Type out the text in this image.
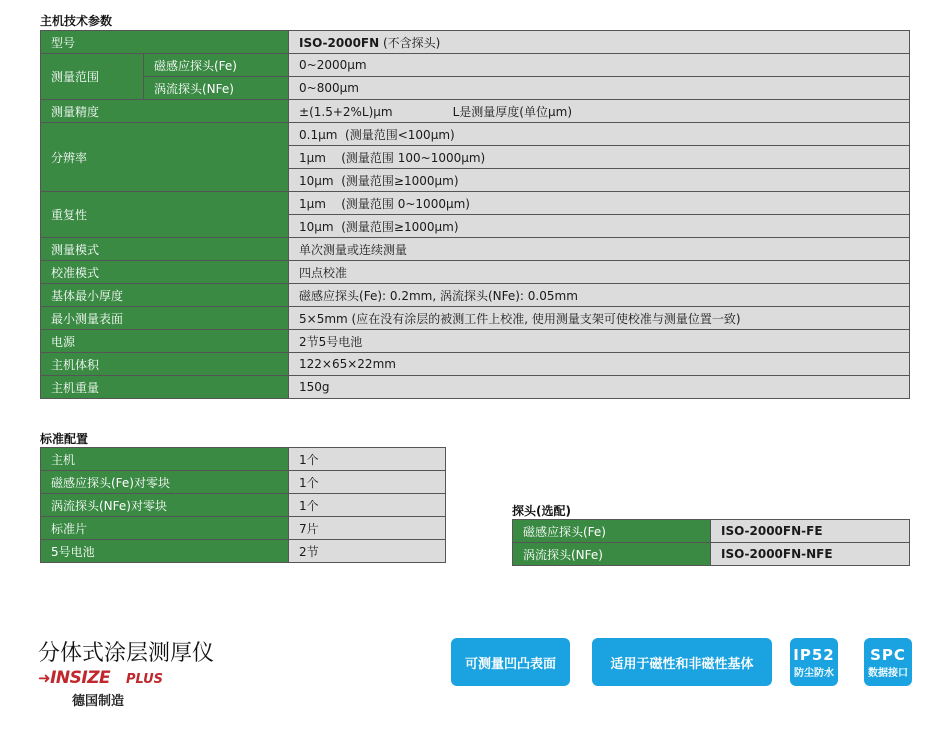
主机技术参数
型号		ISO-2000FN (不含探头)
测量范围	磁感应探头(Fe)	0~2000μm
	涡流探头(NFe)	0~800μm
测量精度		±(1.5+2%L)μm L是测量厚度(单位μm)
分辨率		0.1μm  (测量范围<100μm)
		1μm    (测量范围 100~1000μm)
		10μm  (测量范围≥1000μm)
重复性		1μm    (测量范围 0~1000μm)
		10μm  (测量范围≥1000μm)
测量模式		单次测量或连续测量
校准模式		四点校准
基体最小厚度		磁感应探头(Fe): 0.2mm, 涡流探头(NFe): 0.05mm
最小测量表面		5×5mm (应在没有涂层的被测工件上校准, 使用测量支架可使校准与测量位置一致)
电源		2节5号电池
主机体积		122×65×22mm
主机重量		150g
标准配置
主机	1个
磁感应探头(Fe)对零块	1个
涡流探头(NFe)对零块	1个
标准片	7片
5号电池	2节
探头(选配)
磁感应探头(Fe)	ISO-2000FN-FE
涡流探头(NFe)	ISO-2000FN-NFE
分体式涂层测厚仪
➜INSIZE PLUS
德国制造
可测量凹凸表面	适用于磁性和非磁性基体
IP52
防尘防水
SPC
数据接口
